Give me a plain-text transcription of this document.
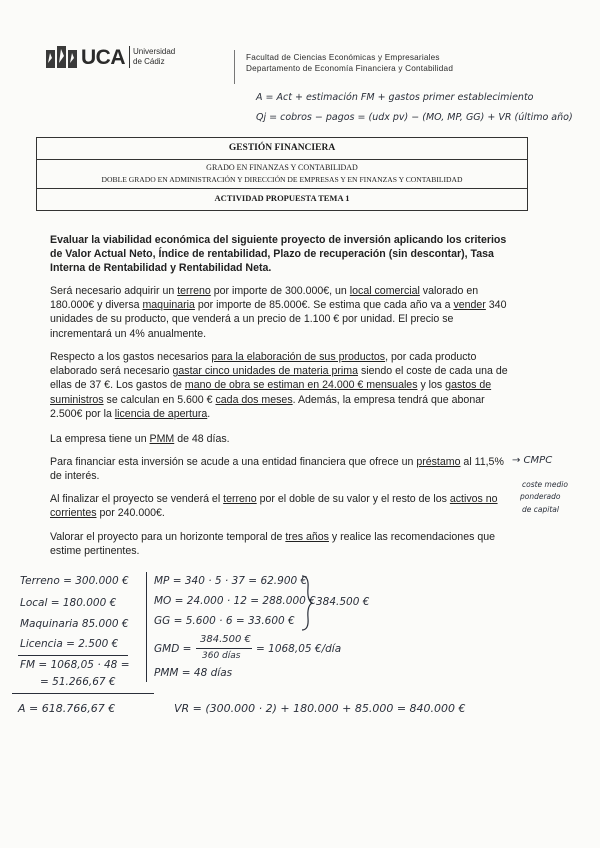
UCA Universidad
de Cádiz	Facultad de Ciencias Económicas y Empresariales
Departamento de Economía Financiera y Contabilidad
A = Act + estimación FM + gastos primer establecimiento
Qj = cobros − pagos = (udx pv) − (MO, MP, GG) + VR (último año)
GESTIÓN FINANCIERA
GRADO EN FINANZAS Y CONTABILIDAD
DOBLE GRADO EN ADMINISTRACIÓN Y DIRECCIÓN DE EMPRESAS Y EN FINANZAS Y CONTABILIDAD
ACTIVIDAD PROPUESTA TEMA 1
Evaluar la viabilidad económica del siguiente proyecto de inversión aplicando los criterios de Valor Actual Neto, Índice de rentabilidad, Plazo de recuperación (sin descontar), Tasa Interna de Rentabilidad y Rentabilidad Neta.
Será necesario adquirir un terreno por importe de 300.000€, un local comercial valorado en 180.000€ y diversa maquinaria por importe de 85.000€. Se estima que cada año va a vender 340 unidades de su producto, que venderá a un precio de 1.100 € por unidad. El precio se incrementará un 4% anualmente.
Respecto a los gastos necesarios para la elaboración de sus productos, por cada producto elaborado será necesario gastar cinco unidades de materia prima siendo el coste de cada una de ellas de 37 €. Los gastos de mano de obra se estiman en 24.000 € mensuales y los gastos de suministros se calculan en 5.600 € cada dos meses. Además, la empresa tendrá que abonar 2.500€ por la licencia de apertura.
La empresa tiene un PMM de 48 días.
Para financiar esta inversión se acude a una entidad financiera que ofrece un préstamo al 11,5% de interés.
Al finalizar el proyecto se venderá el terreno por el doble de su valor y el resto de los activos no corrientes por 240.000€.
Valorar el proyecto para un horizonte temporal de tres años y realice las recomendaciones que estime pertinentes.
→ CMPC
coste medio
ponderado
de capital
Terreno = 300.000 €
Local = 180.000 €
Maquinaria 85.000 €
Licencia = 2.500 €
FM = 1068,05 · 48 =
= 51.266,67 €
MP = 340 · 5 · 37 = 62.900 €
MO = 24.000 · 12 = 288.000 €
GG = 5.600 · 6 = 33.600 €
384.500 €
GMD =
384.500 €
360 días
= 1068,05 €/día
PMM = 48 días
A = 618.766,67 €	VR = (300.000 · 2) + 180.000 + 85.000 = 840.000 €
